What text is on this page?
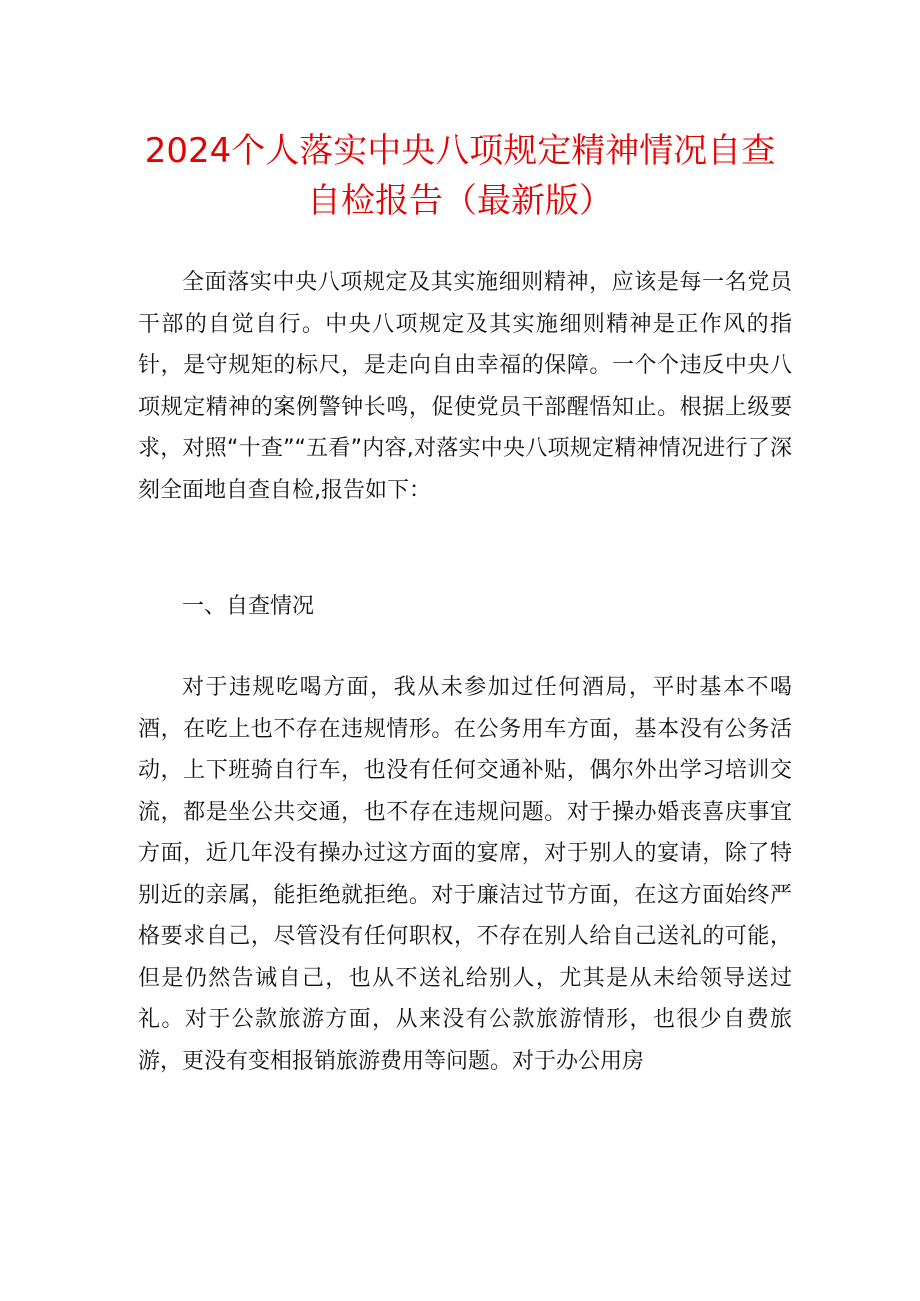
2024个人落实中央八项规定精神情况自查
自检报告（最新版）

全面落实中央八项规定及其实施细则精神，应该是每一名党员干部的自觉自行。中央八项规定及其实施细则精神是正作风的指针，是守规矩的标尺，是走向自由幸福的保障。一个个违反中央八项规定精神的案例警钟长鸣，促使党员干部醒悟知止。根据上级要求，对照“十查”“五看”内容,对落实中央八项规定精神情况进行了深刻全面地自查自检,报告如下：

一、自查情况

对于违规吃喝方面，我从未参加过任何酒局，平时基本不喝酒，在吃上也不存在违规情形。在公务用车方面，基本没有公务活动，上下班骑自行车，也没有任何交通补贴，偶尔外出学习培训交流，都是坐公共交通，也不存在违规问题。对于操办婚丧喜庆事宜方面，近几年没有操办过这方面的宴席，对于别人的宴请，除了特别近的亲属，能拒绝就拒绝。对于廉洁过节方面，在这方面始终严格要求自己，尽管没有任何职权，不存在别人给自己送礼的可能，但是仍然告诫自己，也从不送礼给别人，尤其是从未给领导送过礼。对于公款旅游方面，从来没有公款旅游情形，也很少自费旅游，更没有变相报销旅游费用等问题。对于办公用房
